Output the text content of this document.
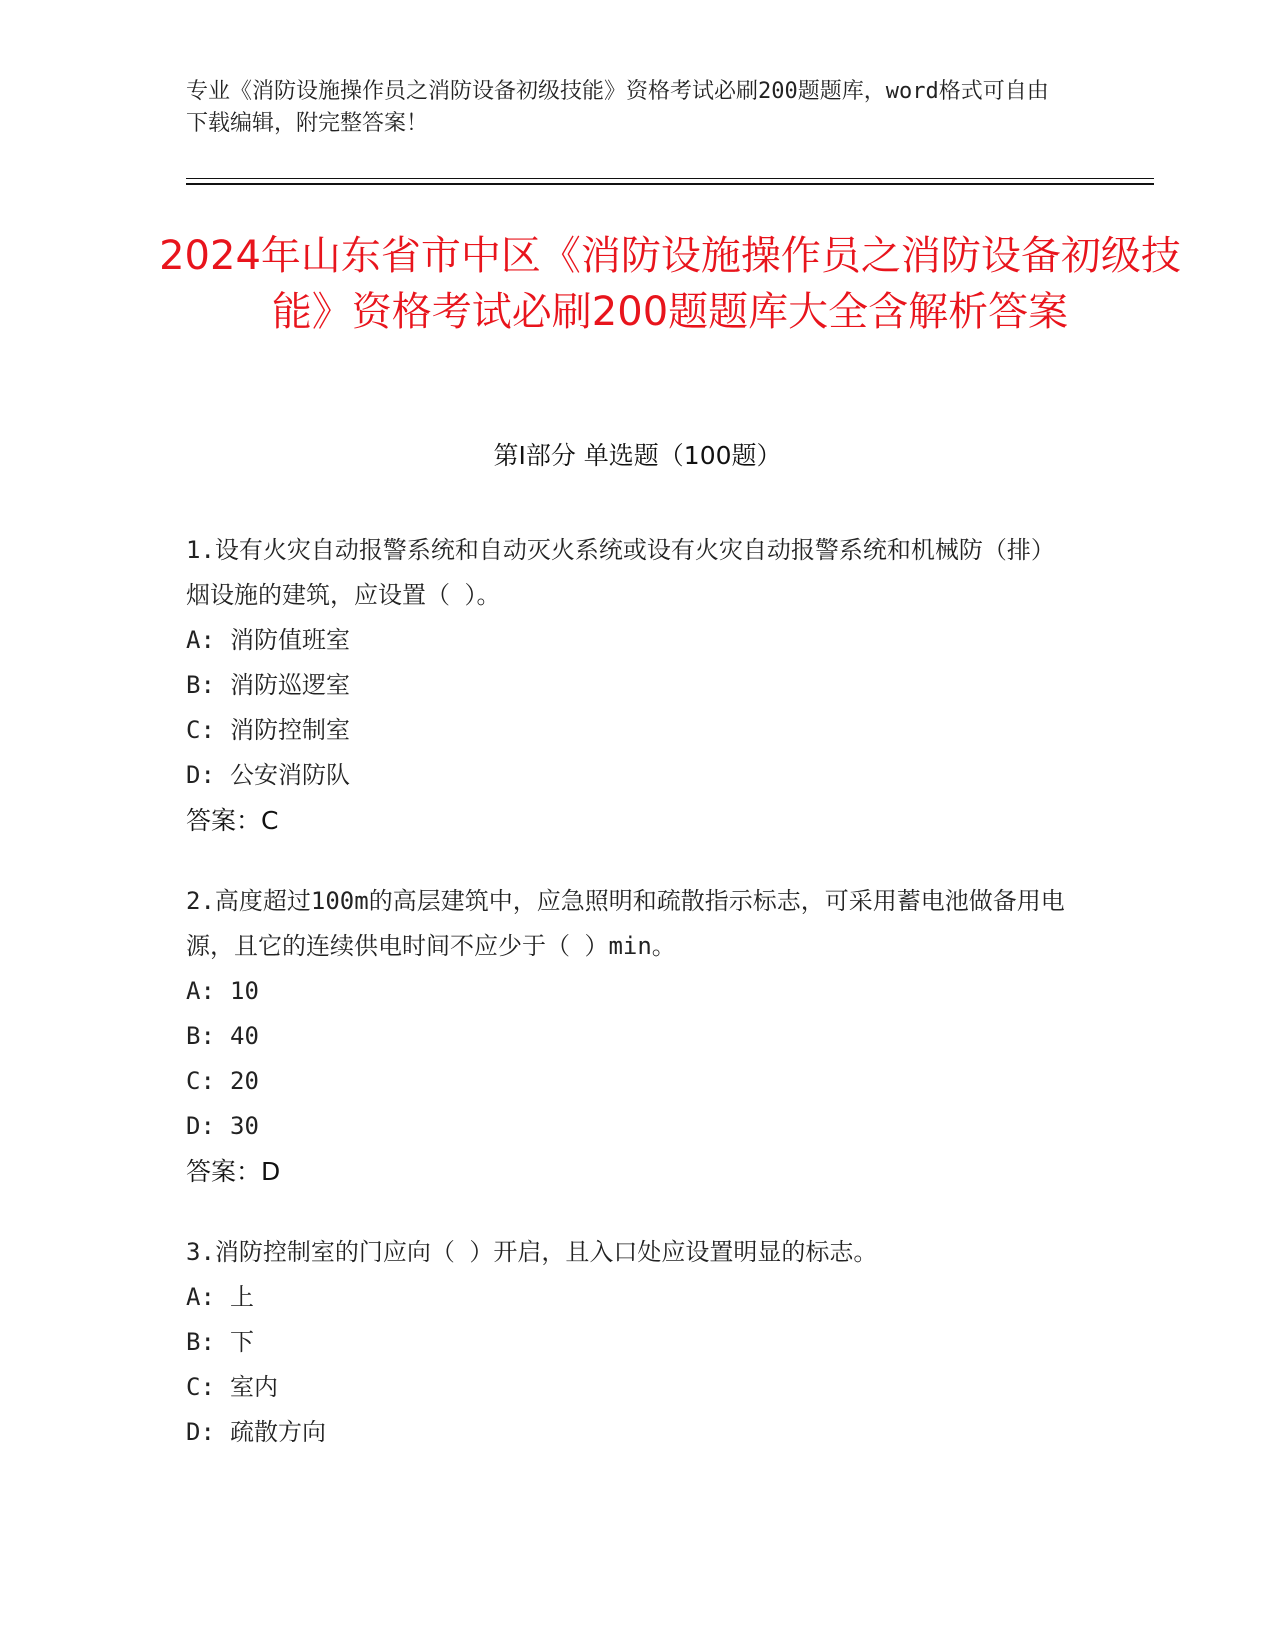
专业《消防设施操作员之消防设备初级技能》资格考试必刷200题题库，word格式可自由下载编辑，附完整答案！
2024年山东省市中区《消防设施操作员之消防设备初级技能》资格考试必刷200题题库大全含解析答案
第Ⅰ部分 单选题（100题）
1.设有火灾自动报警系统和自动灭火系统或设有火灾自动报警系统和机械防（排）烟设施的建筑，应设置（ ）。
A: 消防值班室
B: 消防巡逻室
C: 消防控制室
D: 公安消防队
答案：C
2.高度超过100m的高层建筑中，应急照明和疏散指示标志，可采用蓄电池做备用电源，且它的连续供电时间不应少于（ ）min。
A: 10
B: 40
C: 20
D: 30
答案：D
3.消防控制室的门应向（ ）开启，且入口处应设置明显的标志。
A: 上
B: 下
C: 室内
D: 疏散方向
